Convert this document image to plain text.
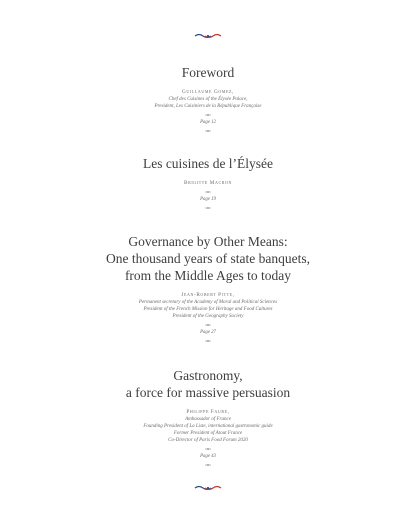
Foreword
Guillaume Gomez,
Chef des Cuisines of the Élysée Palace,
President, Les Cuisiniers de la République Française
Page 12
Les cuisines de l’Élysée
Brigitte Macron
Page 19
Governance by Other Means:
One thousand years of state banquets,
from the Middle Ages to today
Jean-Robert Pitte,
Permanent secretary of the Academy of Moral and Political Sciences
President of the French Mission for Heritage and Food Cultures
President of the Geography Society
Page 27
Gastronomy,
a force for massive persuasion
Philippe Faure,
Ambassador of France
Founding President of La Liste, international gastronomic guide
Former President of Atout France
Co-Director of Paris Food Forum 2020
Page 43
